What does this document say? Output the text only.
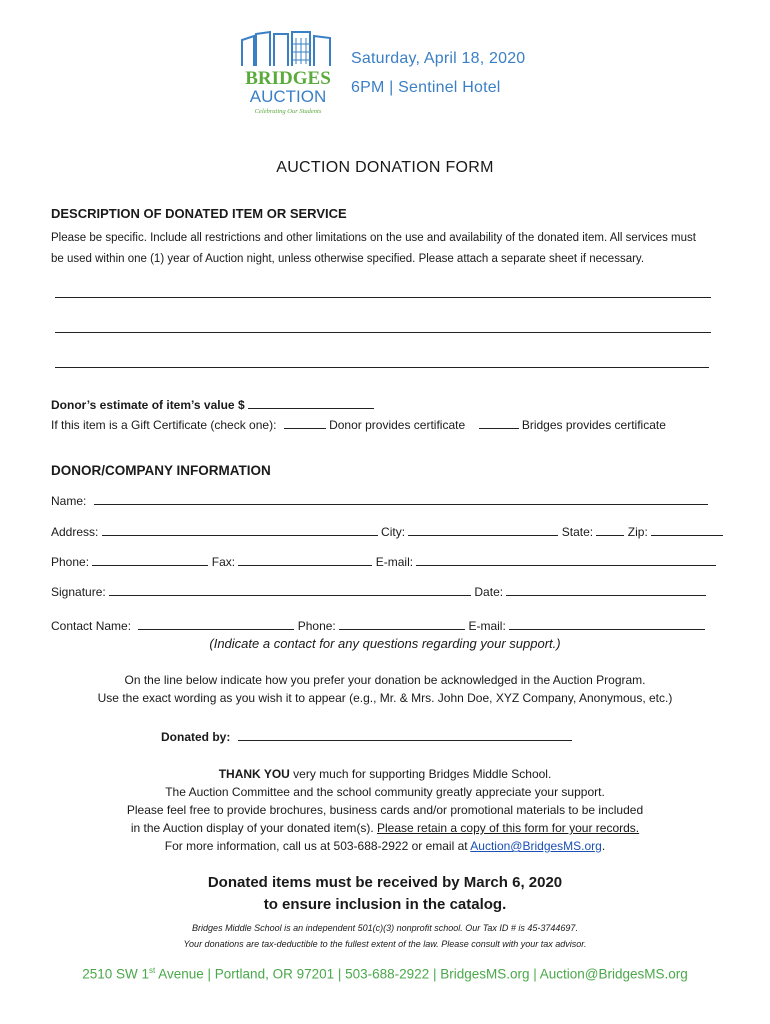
BRIDGES
AUCTION
Celebrating Our Students
Saturday, April 18, 2020
6PM | Sentinel Hotel
AUCTION DONATION FORM
DESCRIPTION OF DONATED ITEM OR SERVICE
Please be specific. Include all restrictions and other limitations on the use and availability of the donated item. All services must be used within one (1) year of Auction night, unless otherwise specified. Please attach a separate sheet if necessary.
Donor’s estimate of item’s value $
If this item is a Gift Certificate (check one):	Donor provides certificate	Bridges provides certificate
DONOR/COMPANY INFORMATION
Name:
Address:	City:	State:	Zip:
Phone:	Fax:	E-mail:
Signature:	Date:
Contact Name:	Phone:	E-mail:
(Indicate a contact for any questions regarding your support.)
On the line below indicate how you prefer your donation be acknowledged in the Auction Program.
Use the exact wording as you wish it to appear (e.g., Mr. & Mrs. John Doe, XYZ Company, Anonymous, etc.)
Donated by:
THANK YOU very much for supporting Bridges Middle School.
The Auction Committee and the school community greatly appreciate your support.
Please feel free to provide brochures, business cards and/or promotional materials to be included
in the Auction display of your donated item(s). Please retain a copy of this form for your records.
For more information, call us at 503-688-2922 or email at Auction@BridgesMS.org.
Donated items must be received by March 6, 2020
to ensure inclusion in the catalog.
Bridges Middle School is an independent 501(c)(3) nonprofit school. Our Tax ID # is 45-3744697.
Your donations are tax-deductible to the fullest extent of the law. Please consult with your tax advisor.
2510 SW 1st Avenue | Portland, OR 97201 | 503-688-2922 | BridgesMS.org | Auction@BridgesMS.org
